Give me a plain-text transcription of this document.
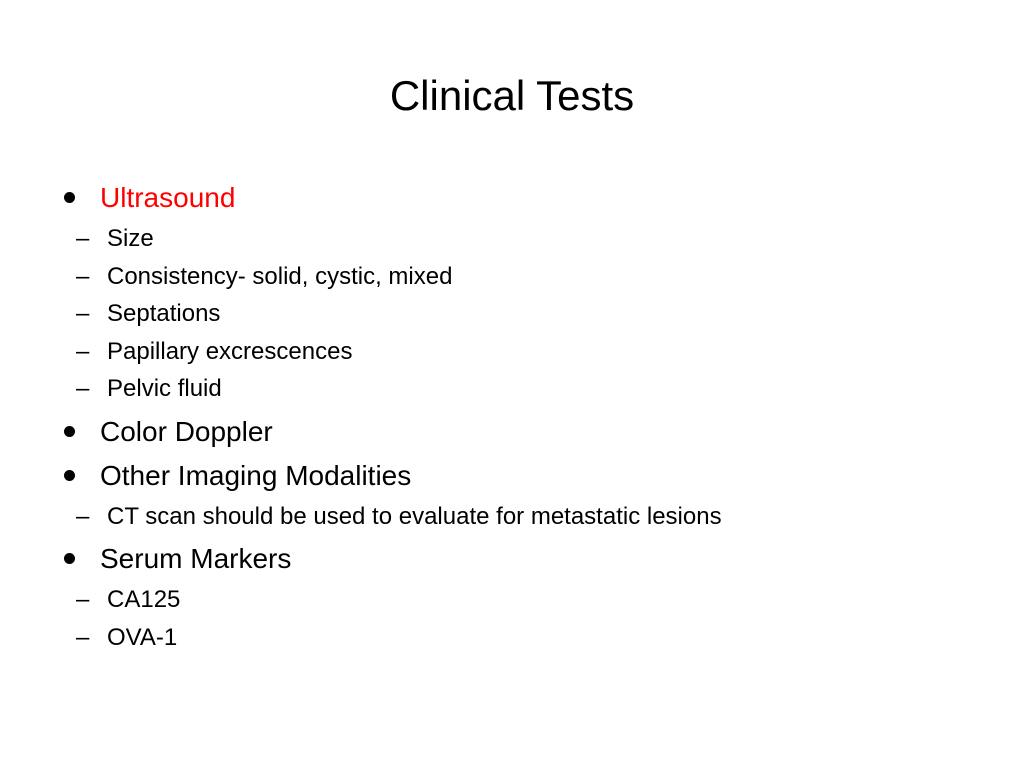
Clinical Tests
Ultrasound
– Size
– Consistency- solid, cystic, mixed
– Septations
– Papillary excrescences
– Pelvic fluid
Color Doppler
Other Imaging Modalities
– CT scan should be used to evaluate for metastatic lesions
Serum Markers
– CA125
– OVA-1
